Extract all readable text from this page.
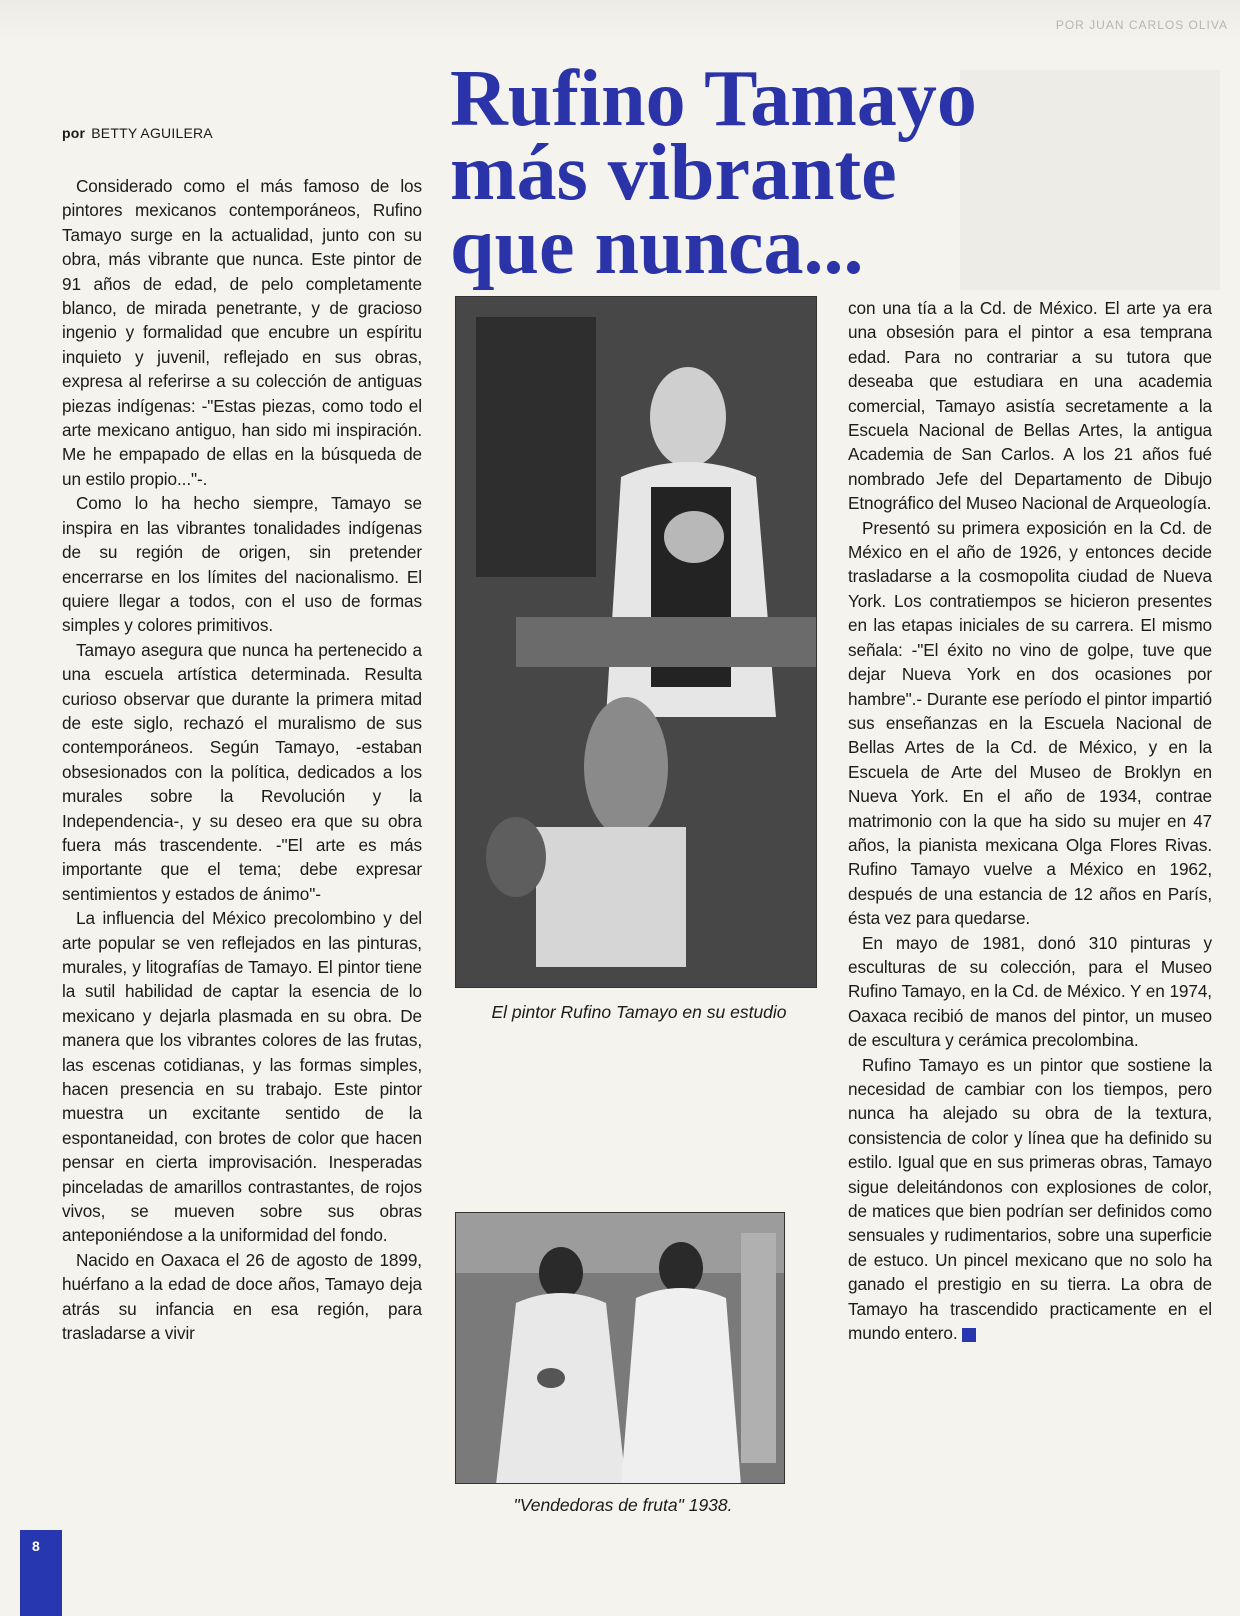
POR JUAN CARLOS OLIVA
por BETTY AGUILERA	Rufino Tamayo
más vibrante
que nunca...

Considerado como el más famoso de los pintores mexicanos contemporáneos, Rufino Tamayo surge en la actualidad, junto con su obra, más vibrante que nunca. Este pintor de 91 años de edad, de pelo completamente blanco, de mirada penetrante, y de gracioso ingenio y formalidad que encubre un espíritu inquieto y juvenil, reflejado en sus obras, expresa al referirse a su colección de antiguas piezas indígenas: -"Estas piezas, como todo el arte mexicano antiguo, han sido mi inspiración. Me he empapado de ellas en la búsqueda de un estilo propio..."-.

Como lo ha hecho siempre, Tamayo se inspira en las vibrantes tonalidades indígenas de su región de origen, sin pretender encerrarse en los límites del nacionalismo. El quiere llegar a todos, con el uso de formas simples y colores primitivos.

Tamayo asegura que nunca ha pertenecido a una escuela artística determinada. Resulta curioso observar que durante la primera mitad de este siglo, rechazó el muralismo de sus contemporáneos. Según Tamayo, -estaban obsesionados con la política, dedicados a los murales sobre la Revolución y la Independencia-, y su deseo era que su obra fuera más trascendente. -"El arte es más importante que el tema; debe expresar sentimientos y estados de ánimo"-

La influencia del México precolombino y del arte popular se ven reflejados en las pinturas, murales, y litografías de Tamayo. El pintor tiene la sutil habilidad de captar la esencia de lo mexicano y dejarla plasmada en su obra. De manera que los vibrantes colores de las frutas, las escenas cotidianas, y las formas simples, hacen presencia en su trabajo. Este pintor muestra un excitante sentido de la espontaneidad, con brotes de color que hacen pensar en cierta improvisación. Inesperadas pinceladas de amarillos contrastantes, de rojos vivos, se mueven sobre sus obras anteponiéndose a la uniformidad del fondo.

Nacido en Oaxaca el 26 de agosto de 1899, huérfano a la edad de doce años, Tamayo deja atrás su infancia en esa región, para trasladarse a vivir

El pintor Rufino Tamayo en su estudio
"Vendedoras de fruta" 1938.

con una tía a la Cd. de México. El arte ya era una obsesión para el pintor a esa temprana edad. Para no contrariar a su tutora que deseaba que estudiara en una academia comercial, Tamayo asistía secretamente a la Escuela Nacional de Bellas Artes, la antigua Academia de San Carlos. A los 21 años fué nombrado Jefe del Departamento de Dibujo Etnográfico del Museo Nacional de Arqueología.

Presentó su primera exposición en la Cd. de México en el año de 1926, y entonces decide trasladarse a la cosmopolita ciudad de Nueva York. Los contratiempos se hicieron presentes en las etapas iniciales de su carrera. El mismo señala: -"El éxito no vino de golpe, tuve que dejar Nueva York en dos ocasiones por hambre".- Durante ese período el pintor impartió sus enseñanzas en la Escuela Nacional de Bellas Artes de la Cd. de México, y en la Escuela de Arte del Museo de Broklyn en Nueva York. En el año de 1934, contrae matrimonio con la que ha sido su mujer en 47 años, la pianista mexicana Olga Flores Rivas. Rufino Tamayo vuelve a México en 1962, después de una estancia de 12 años en París, ésta vez para quedarse.

En mayo de 1981, donó 310 pinturas y esculturas de su colección, para el Museo Rufino Tamayo, en la Cd. de México. Y en 1974, Oaxaca recibió de manos del pintor, un museo de escultura y cerámica precolombina.

Rufino Tamayo es un pintor que sostiene la necesidad de cambiar con los tiempos, pero nunca ha alejado su obra de la textura, consistencia de color y línea que ha definido su estilo. Igual que en sus primeras obras, Tamayo sigue deleitándonos con explosiones de color, de matices que bien podrían ser definidos como sensuales y rudimentarios, sobre una superficie de estuco. Un pincel mexicano que no solo ha ganado el prestigio en su tierra. La obra de Tamayo ha trascendido practicamente en el mundo entero.

8
